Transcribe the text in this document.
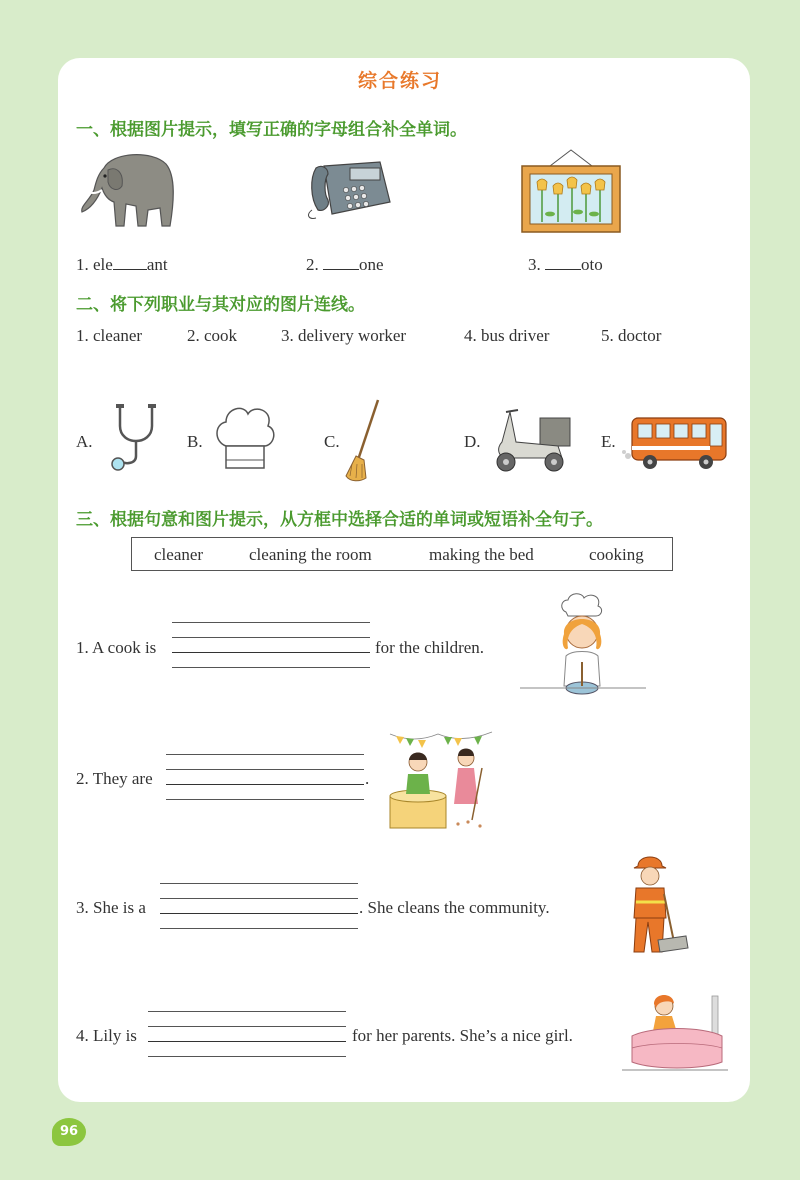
综合练习
一、根据图片提示，填写正确的字母组合补全单词。
1. ele ant	2. one	3. oto
二、将下列职业与其对应的图片连线。
1. cleaner	2. cook	3. delivery worker	4. bus driver	5. doctor
A.	B.	C.	D.	E.
三、根据句意和图片提示，从方框中选择合适的单词或短语补全句子。
cleaner	cleaning the room	making the bed	cooking
1. A cook is	for the children.
2. They are	.
3. She is a	. She cleans the community.
4. Lily is	for her parents. She’s a nice girl.
96
